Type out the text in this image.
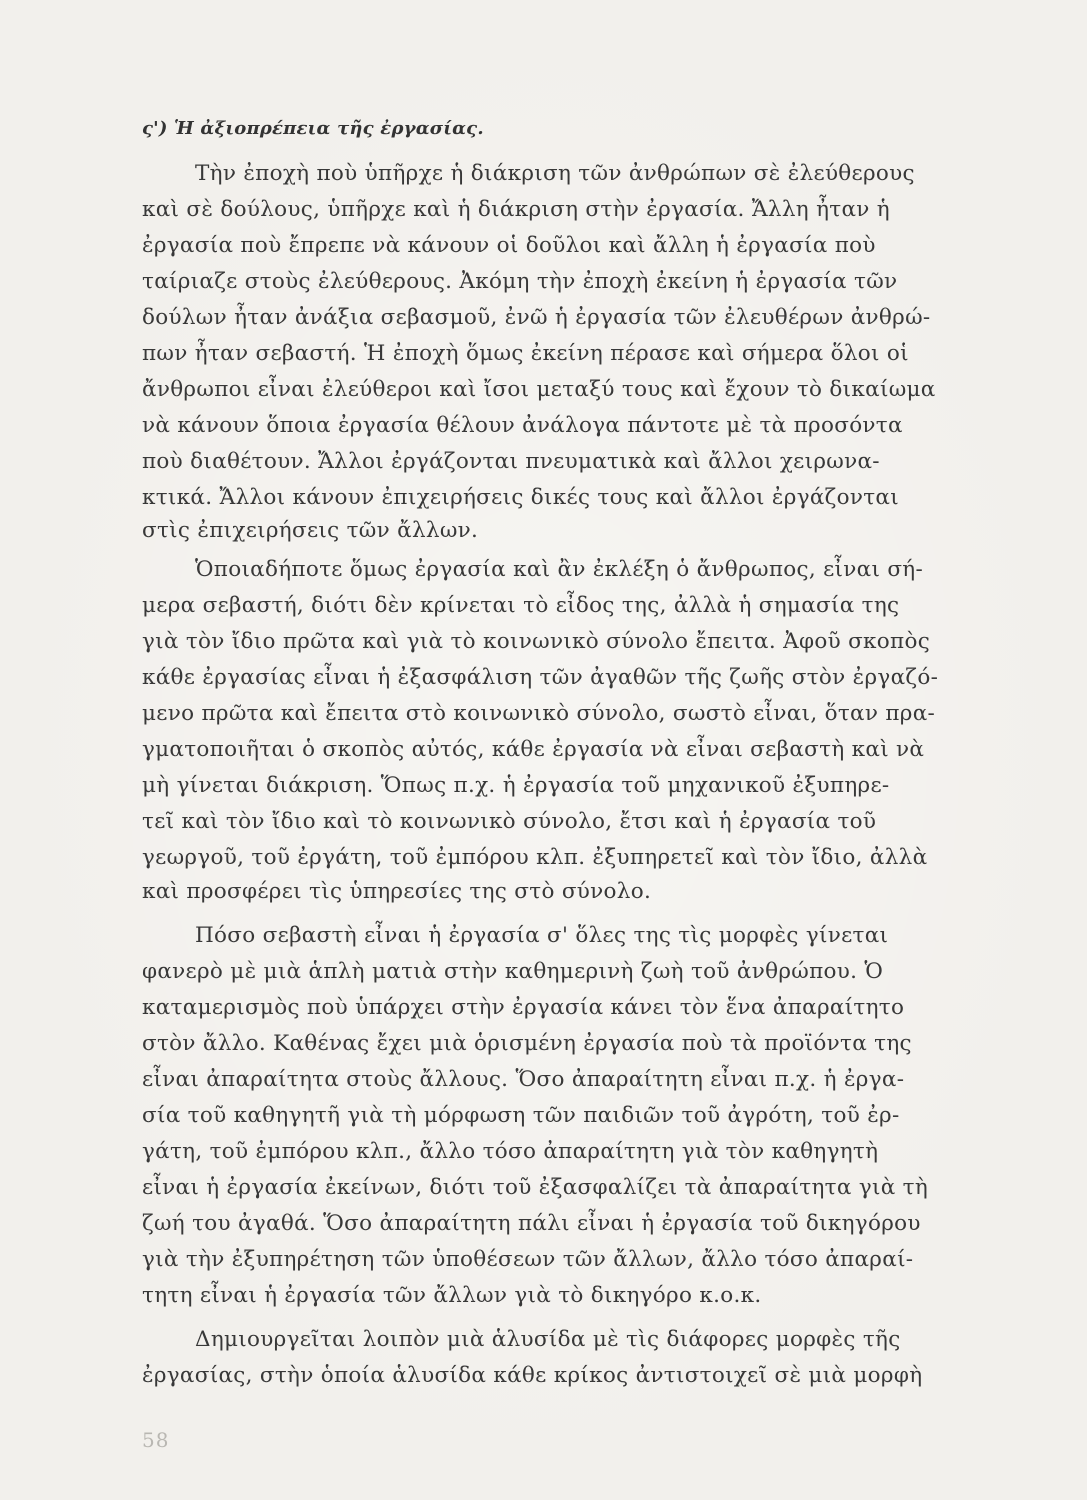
ς') Ἡ ἀξιοπρέπεια τῆς ἐργασίας.
Τὴν ἐποχὴ ποὺ ὑπῆρχε ἡ διάκριση τῶν ἀνθρώπων σὲ ἐλεύθερους
καὶ σὲ δούλους, ὑπῆρχε καὶ ἡ διάκριση στὴν ἐργασία. Ἄλλη ἦταν ἡ
ἐργασία ποὺ ἔπρεπε νὰ κάνουν οἱ δοῦλοι καὶ ἄλλη ἡ ἐργασία ποὺ
ταίριαζε στοὺς ἐλεύθερους. Ἀκόμη τὴν ἐποχὴ ἐκείνη ἡ ἐργασία τῶν
δούλων ἦταν ἀνάξια σεβασμοῦ, ἐνῶ ἡ ἐργασία τῶν ἐλευθέρων ἀνθρώ-
πων ἦταν σεβαστή. Ἡ ἐποχὴ ὅμως ἐκείνη πέρασε καὶ σήμερα ὅλοι οἱ
ἄνθρωποι εἶναι ἐλεύθεροι καὶ ἴσοι μεταξύ τους καὶ ἔχουν τὸ δικαίωμα
νὰ κάνουν ὅποια ἐργασία θέλουν ἀνάλογα πάντοτε μὲ τὰ προσόντα
ποὺ διαθέτουν. Ἄλλοι ἐργάζονται πνευματικὰ καὶ ἄλλοι χειρωνα-
κτικά. Ἄλλοι κάνουν ἐπιχειρήσεις δικές τους καὶ ἄλλοι ἐργάζονται
στὶς ἐπιχειρήσεις τῶν ἄλλων.
Ὁποιαδήποτε ὅμως ἐργασία καὶ ἂν ἐκλέξη ὁ ἄνθρωπος, εἶναι σή-
μερα σεβαστή, διότι δὲν κρίνεται τὸ εἶδος της, ἀλλὰ ἡ σημασία της
γιὰ τὸν ἴδιο πρῶτα καὶ γιὰ τὸ κοινωνικὸ σύνολο ἔπειτα. Ἀφοῦ σκοπὸς
κάθε ἐργασίας εἶναι ἡ ἐξασφάλιση τῶν ἀγαθῶν τῆς ζωῆς στὸν ἐργαζό-
μενο πρῶτα καὶ ἔπειτα στὸ κοινωνικὸ σύνολο, σωστὸ εἶναι, ὅταν πρα-
γματοποιῆται ὁ σκοπὸς αὐτός, κάθε ἐργασία νὰ εἶναι σεβαστὴ καὶ νὰ
μὴ γίνεται διάκριση. Ὅπως π.χ. ἡ ἐργασία τοῦ μηχανικοῦ ἐξυπηρε-
τεῖ καὶ τὸν ἴδιο καὶ τὸ κοινωνικὸ σύνολο, ἔτσι καὶ ἡ ἐργασία τοῦ
γεωργοῦ, τοῦ ἐργάτη, τοῦ ἐμπόρου κλπ. ἐξυπηρετεῖ καὶ τὸν ἴδιο, ἀλλὰ
καὶ προσφέρει τὶς ὑπηρεσίες της στὸ σύνολο.
Πόσο σεβαστὴ εἶναι ἡ ἐργασία σ' ὅλες της τὶς μορφὲς γίνεται
φανερὸ μὲ μιὰ ἁπλὴ ματιὰ στὴν καθημερινὴ ζωὴ τοῦ ἀνθρώπου. Ὁ
καταμερισμὸς ποὺ ὑπάρχει στὴν ἐργασία κάνει τὸν ἕνα ἀπαραίτητο
στὸν ἄλλο. Καθένας ἔχει μιὰ ὁρισμένη ἐργασία ποὺ τὰ προϊόντα της
εἶναι ἀπαραίτητα στοὺς ἄλλους. Ὅσο ἀπαραίτητη εἶναι π.χ. ἡ ἐργα-
σία τοῦ καθηγητῆ γιὰ τὴ μόρφωση τῶν παιδιῶν τοῦ ἀγρότη, τοῦ ἐρ-
γάτη, τοῦ ἐμπόρου κλπ., ἄλλο τόσο ἀπαραίτητη γιὰ τὸν καθηγητὴ
εἶναι ἡ ἐργασία ἐκείνων, διότι τοῦ ἐξασφαλίζει τὰ ἀπαραίτητα γιὰ τὴ
ζωή του ἀγαθά. Ὅσο ἀπαραίτητη πάλι εἶναι ἡ ἐργασία τοῦ δικηγόρου
γιὰ τὴν ἐξυπηρέτηση τῶν ὑποθέσεων τῶν ἄλλων, ἄλλο τόσο ἀπαραί-
τητη εἶναι ἡ ἐργασία τῶν ἄλλων γιὰ τὸ δικηγόρο κ.ο.κ.
Δημιουργεῖται λοιπὸν μιὰ ἁλυσίδα μὲ τὶς διάφορες μορφὲς τῆς
ἐργασίας, στὴν ὁποία ἁλυσίδα κάθε κρίκος ἀντιστοιχεῖ σὲ μιὰ μορφὴ
58
